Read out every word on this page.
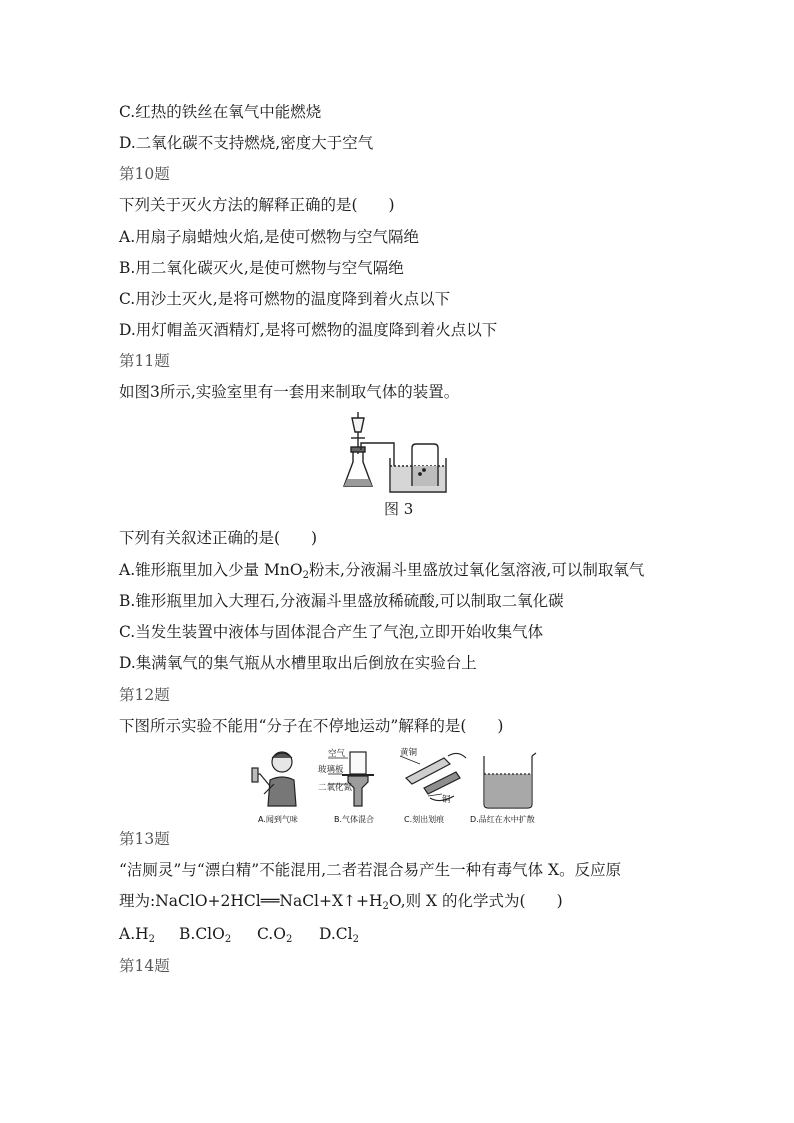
C.红热的铁丝在氧气中能燃烧
D.二氧化碳不支持燃烧,密度大于空气
第10题
下列关于灭火方法的解释正确的是(　　)
A.用扇子扇蜡烛火焰,是使可燃物与空气隔绝
B.用二氧化碳灭火,是使可燃物与空气隔绝
C.用沙土灭火,是将可燃物的温度降到着火点以下
D.用灯帽盖灭酒精灯,是将可燃物的温度降到着火点以下
第11题
如图3所示,实验室里有一套用来制取气体的装置。
图 3
下列有关叙述正确的是(　　)
A.锥形瓶里加入少量 MnO$_2$粉末,分液漏斗里盛放过氧化氢溶液,可以制取氧气
B.锥形瓶里加入大理石,分液漏斗里盛放稀硫酸,可以制取二氧化碳
C.当发生装置中液体与固体混合产生了气泡,立即开始收集气体
D.集满氧气的集气瓶从水槽里取出后倒放在实验台上
第12题
下图所示实验不能用“分子在不停地运动”解释的是(　　)
空气
玻璃板
二氧化氮
黄铜
铜
A.闻到气味	B.气体混合	C.刻出划痕	D.品红在水中扩散
第13题
“洁厕灵”与“漂白精”不能混用,二者若混合易产生一种有毒气体 X。反应原
理为$:NaClO+2HCl══NaCl+X↑+H_2O$,则 X 的化学式为(　　)
$A.H_2$ B.ClO$_2$ $C.O_2$ $D.Cl_2$
第14题
